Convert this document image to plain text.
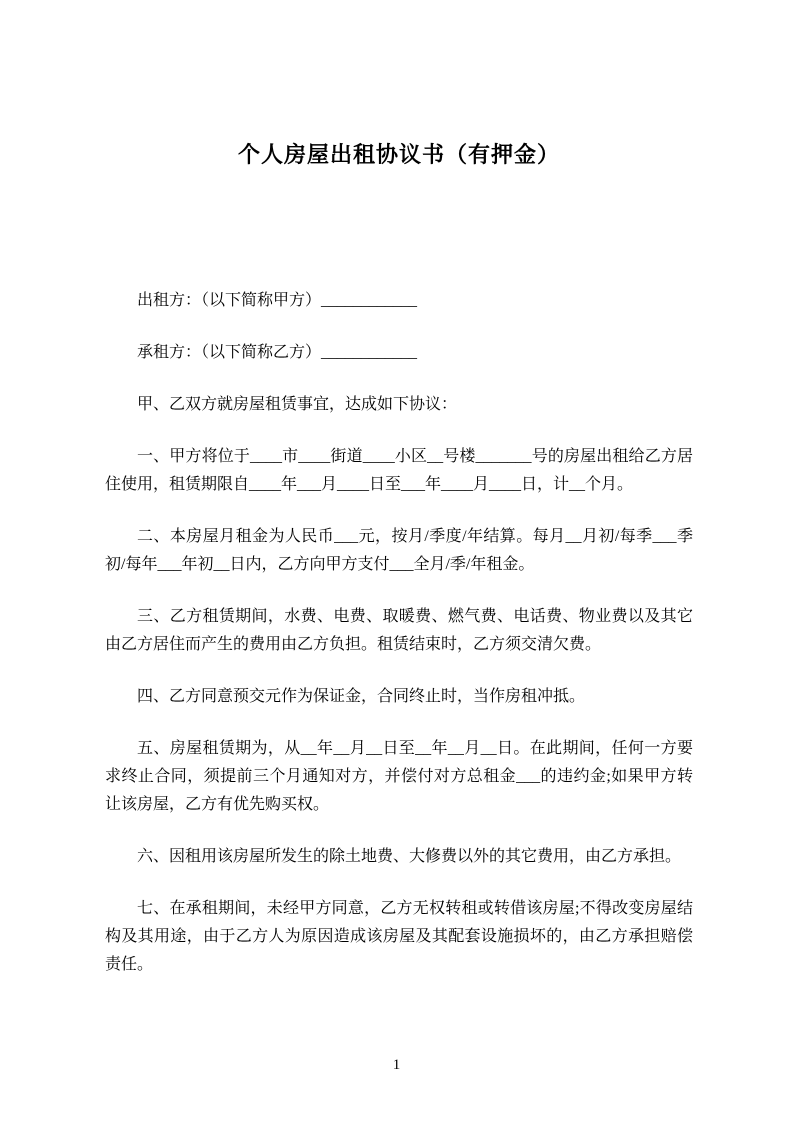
个人房屋出租协议书（有押金）

出租方：（以下简称甲方）____________

承租方：（以下简称乙方）____________

甲、乙双方就房屋租赁事宜，达成如下协议：

一、甲方将位于____市____街道____小区__号楼_______号的房屋出租给乙方居住使用，租赁期限自____年___月____日至___年____月____日，计__个月。

二、本房屋月租金为人民币___元，按月/季度/年结算。每月__月初/每季___季初/每年___年初__日内，乙方向甲方支付___全月/季/年租金。

三、乙方租赁期间，水费、电费、取暖费、燃气费、电话费、物业费以及其它由乙方居住而产生的费用由乙方负担。租赁结束时，乙方须交清欠费。

四、乙方同意预交元作为保证金，合同终止时，当作房租冲抵。

五、房屋租赁期为，从__年__月__日至__年__月__日。在此期间，任何一方要求终止合同，须提前三个月通知对方，并偿付对方总租金___的违约金;如果甲方转让该房屋，乙方有优先购买权。

六、因租用该房屋所发生的除土地费、大修费以外的其它费用，由乙方承担。

七、在承租期间，未经甲方同意，乙方无权转租或转借该房屋;不得改变房屋结构及其用途，由于乙方人为原因造成该房屋及其配套设施损坏的，由乙方承担赔偿责任。

1
